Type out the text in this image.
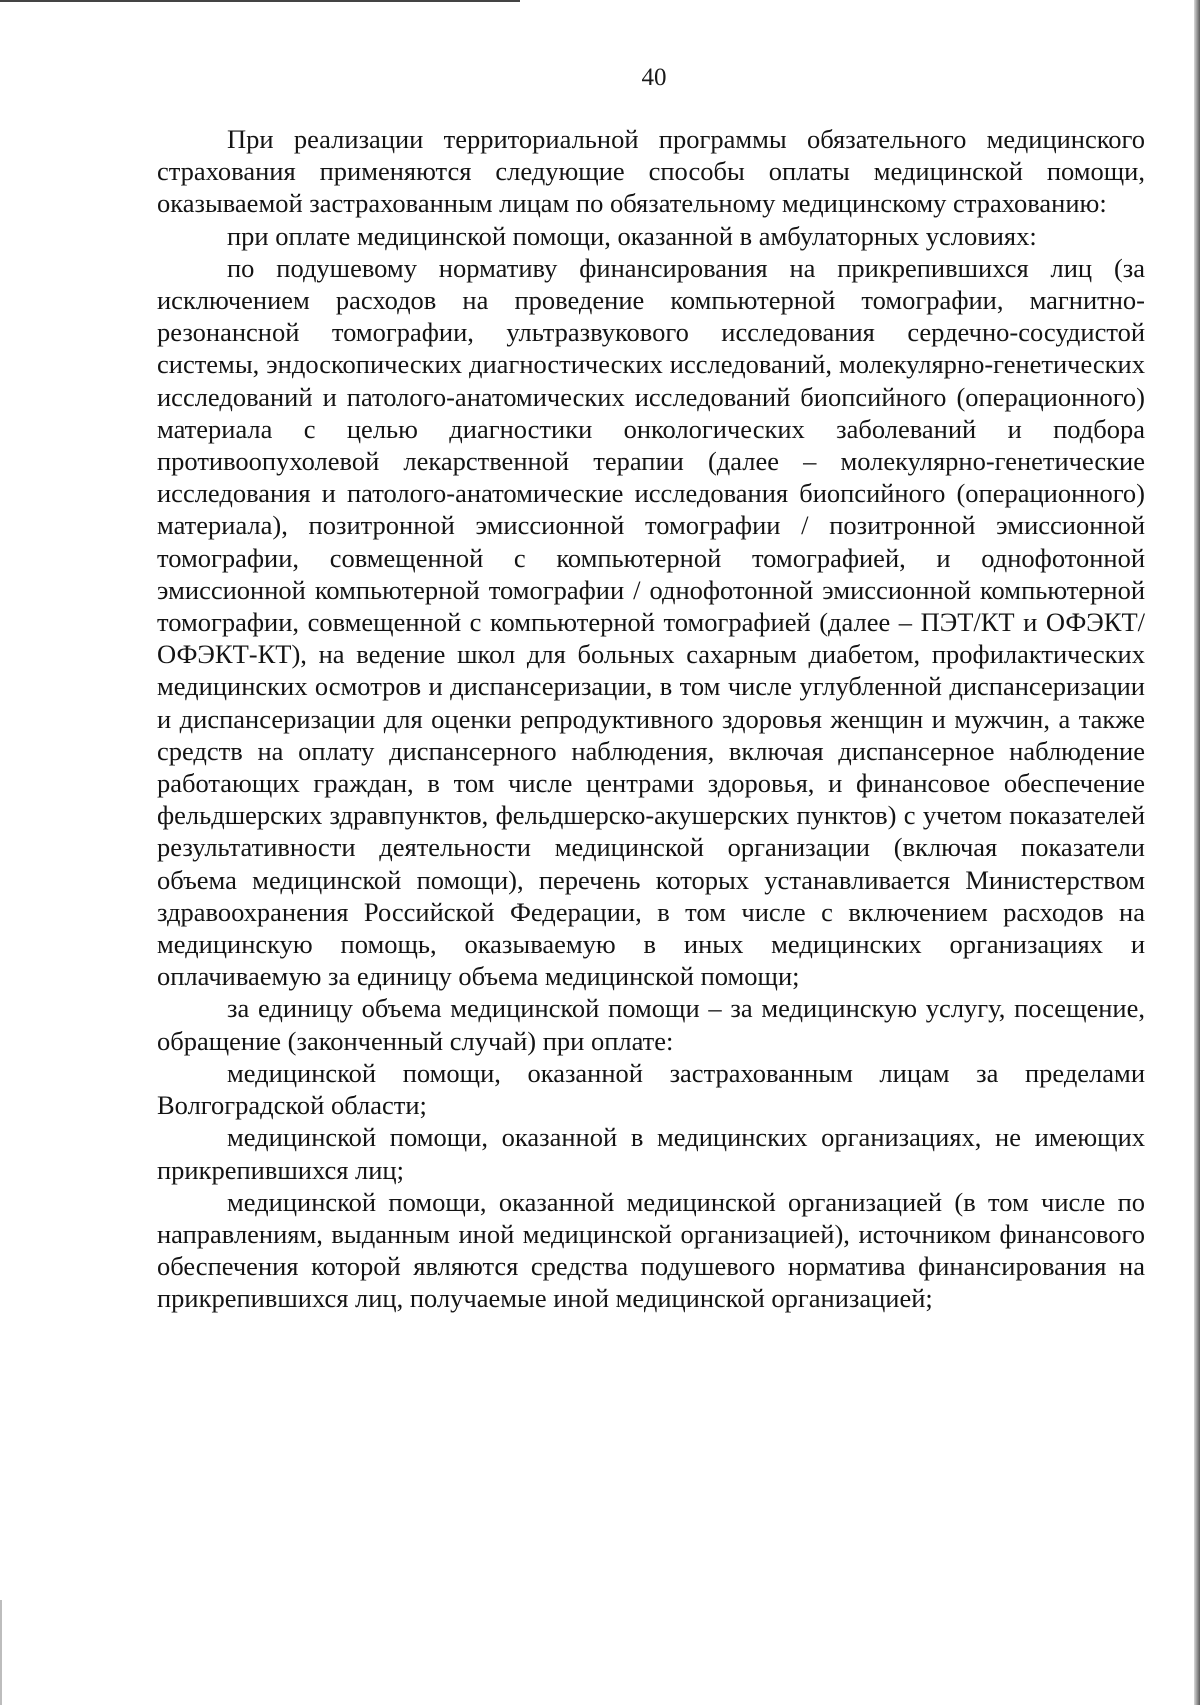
40

При реализации территориальной программы обязательного медицинского страхования применяются следующие способы оплаты медицинской помощи, оказываемой застрахованным лицам по обязательному медицинскому страхованию:

при оплате медицинской помощи, оказанной в амбулаторных условиях:

по подушевому нормативу финансирования на прикрепившихся лиц (за исключением расходов на проведение компьютерной томографии, магнитно-резонансной томографии, ультразвукового исследования сердечно-сосудистой системы, эндоскопических диагностических исследований, молекулярно-генетических исследований и патолого-анатомических исследований биопсийного (операционного) материала с целью диагностики онкологических заболеваний и подбора противоопухолевой лекарственной терапии (далее – молекулярно-генетические исследования и патолого-анатомические исследования биопсийного (операционного) материала), позитронной эмиссионной томографии / позитронной эмиссионной томографии, совмещенной с компьютерной томографией, и однофотонной эмиссионной компьютерной томографии / однофотонной эмиссионной компьютерной томографии, совмещенной с компьютерной томографией (далее – ПЭТ/КТ и ОФЭКТ/ОФЭКТ-КТ), на ведение школ для больных сахарным диабетом, профилактических медицинских осмотров и диспансеризации, в том числе углубленной диспансеризации и диспансеризации для оценки репродуктивного здоровья женщин и мужчин, а также средств на оплату диспансерного наблюдения, включая диспансерное наблюдение работающих граждан, в том числе центрами здоровья, и финансовое обеспечение фельдшерских здравпунктов, фельдшерско-акушерских пунктов) с учетом показателей результативности деятельности медицинской организации (включая показатели объема медицинской помощи), перечень которых устанавливается Министерством здравоохранения Российской Федерации, в том числе с включением расходов на медицинскую помощь, оказываемую в иных медицинских организациях и оплачиваемую за единицу объема медицинской помощи;

за единицу объема медицинской помощи – за медицинскую услугу, посещение, обращение (законченный случай) при оплате:

медицинской помощи, оказанной застрахованным лицам за пределами Волгоградской области;

медицинской помощи, оказанной в медицинских организациях, не имеющих прикрепившихся лиц;

медицинской помощи, оказанной медицинской организацией (в том числе по направлениям, выданным иной медицинской организацией), источником финансового обеспечения которой являются средства подушевого норматива финансирования на прикрепившихся лиц, получаемые иной медицинской организацией;
